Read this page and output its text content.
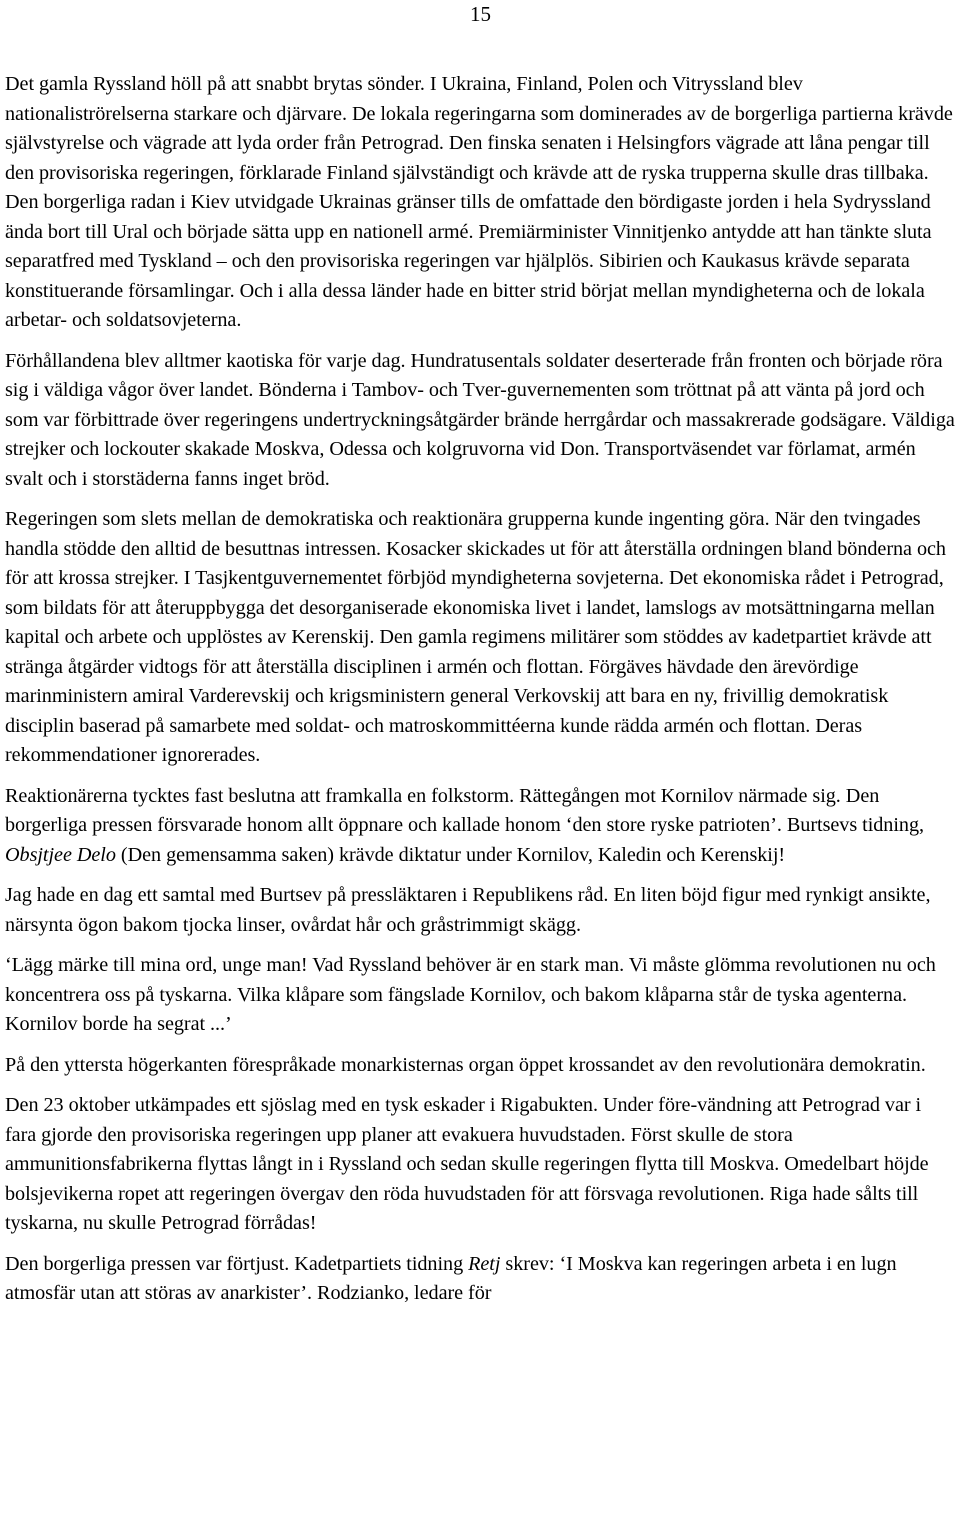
15

Det gamla Ryssland höll på att snabbt brytas sönder. I Ukraina, Finland, Polen och Vitryssland blev nationaliströrelserna starkare och djärvare. De lokala regeringarna som dominerades av de borgerliga partierna krävde självstyrelse och vägrade att lyda order från Petrograd. Den finska senaten i Helsingfors vägrade att låna pengar till den provisoriska regeringen, förklarade Finland självständigt och krävde att de ryska trupperna skulle dras tillbaka. Den borgerliga radan i Kiev utvidgade Ukrainas gränser tills de omfattade den bördigaste jorden i hela Sydryssland ända bort till Ural och började sätta upp en nationell armé. Premiärminister Vinnitjenko antydde att han tänkte sluta separatfred med Tyskland – och den provisoriska regeringen var hjälplös. Sibirien och Kaukasus krävde separata konstituerande församlingar. Och i alla dessa länder hade en bitter strid börjat mellan myndigheterna och de lokala arbetar- och soldatsovjeterna.

Förhållandena blev alltmer kaotiska för varje dag. Hundratusentals soldater deserterade från fronten och började röra sig i väldiga vågor över landet. Bönderna i Tambov- och Tver-guvernementen som tröttnat på att vänta på jord och som var förbittrade över regeringens undertryckningsåtgärder brände herrgårdar och massakrerade godsägare. Väldiga strejker och lockouter skakade Moskva, Odessa och kolgruvorna vid Don. Transportväsendet var förlamat, armén svalt och i storstäderna fanns inget bröd.

Regeringen som slets mellan de demokratiska och reaktionära grupperna kunde ingenting göra. När den tvingades handla stödde den alltid de besuttnas intressen. Kosacker skickades ut för att återställa ordningen bland bönderna och för att krossa strejker. I Tasjkentguvernementet förbjöd myndigheterna sovjeterna. Det ekonomiska rådet i Petrograd, som bildats för att återuppbygga det desorganiserade ekonomiska livet i landet, lamslogs av motsättningarna mellan kapital och arbete och upplöstes av Kerenskij. Den gamla regimens militärer som stöddes av kadetpartiet krävde att stränga åtgärder vidtogs för att återställa disciplinen i armén och flottan. Förgäves hävdade den ärevördige marinministern amiral Varderevskij och krigsministern general Verkovskij att bara en ny, frivillig demokratisk disciplin baserad på samarbete med soldat- och matroskommittéerna kunde rädda armén och flottan. Deras rekommendationer ignorerades.

Reaktionärerna tycktes fast beslutna att framkalla en folkstorm. Rättegången mot Kornilov närmade sig. Den borgerliga pressen försvarade honom allt öppnare och kallade honom ‘den store ryske patrioten’. Burtsevs tidning, Obsjtjee Delo (Den gemensamma saken) krävde diktatur under Kornilov, Kaledin och Kerenskij!

Jag hade en dag ett samtal med Burtsev på pressläktaren i Republikens råd. En liten böjd figur med rynkigt ansikte, närsynta ögon bakom tjocka linser, ovårdat hår och gråstrimmigt skägg.

‘Lägg märke till mina ord, unge man! Vad Ryssland behöver är en stark man. Vi måste glömma revolutionen nu och koncentrera oss på tyskarna. Vilka klåpare som fängslade Kornilov, och bakom klåparna står de tyska agenterna. Kornilov borde ha segrat ...’

På den yttersta högerkanten förespråkade monarkisternas organ öppet krossandet av den revolutionära demokratin.

Den 23 oktober utkämpades ett sjöslag med en tysk eskader i Rigabukten. Under före-vändning att Petrograd var i fara gjorde den provisoriska regeringen upp planer att evakuera huvudstaden. Först skulle de stora ammunitionsfabrikerna flyttas långt in i Ryssland och sedan skulle regeringen flytta till Moskva. Omedelbart höjde bolsjevikerna ropet att regeringen övergav den röda huvudstaden för att försvaga revolutionen. Riga hade sålts till tyskarna, nu skulle Petrograd förrådas!

Den borgerliga pressen var förtjust. Kadetpartiets tidning Retj skrev: ‘I Moskva kan regeringen arbeta i en lugn atmosfär utan att störas av anarkister’. Rodzianko, ledare för
